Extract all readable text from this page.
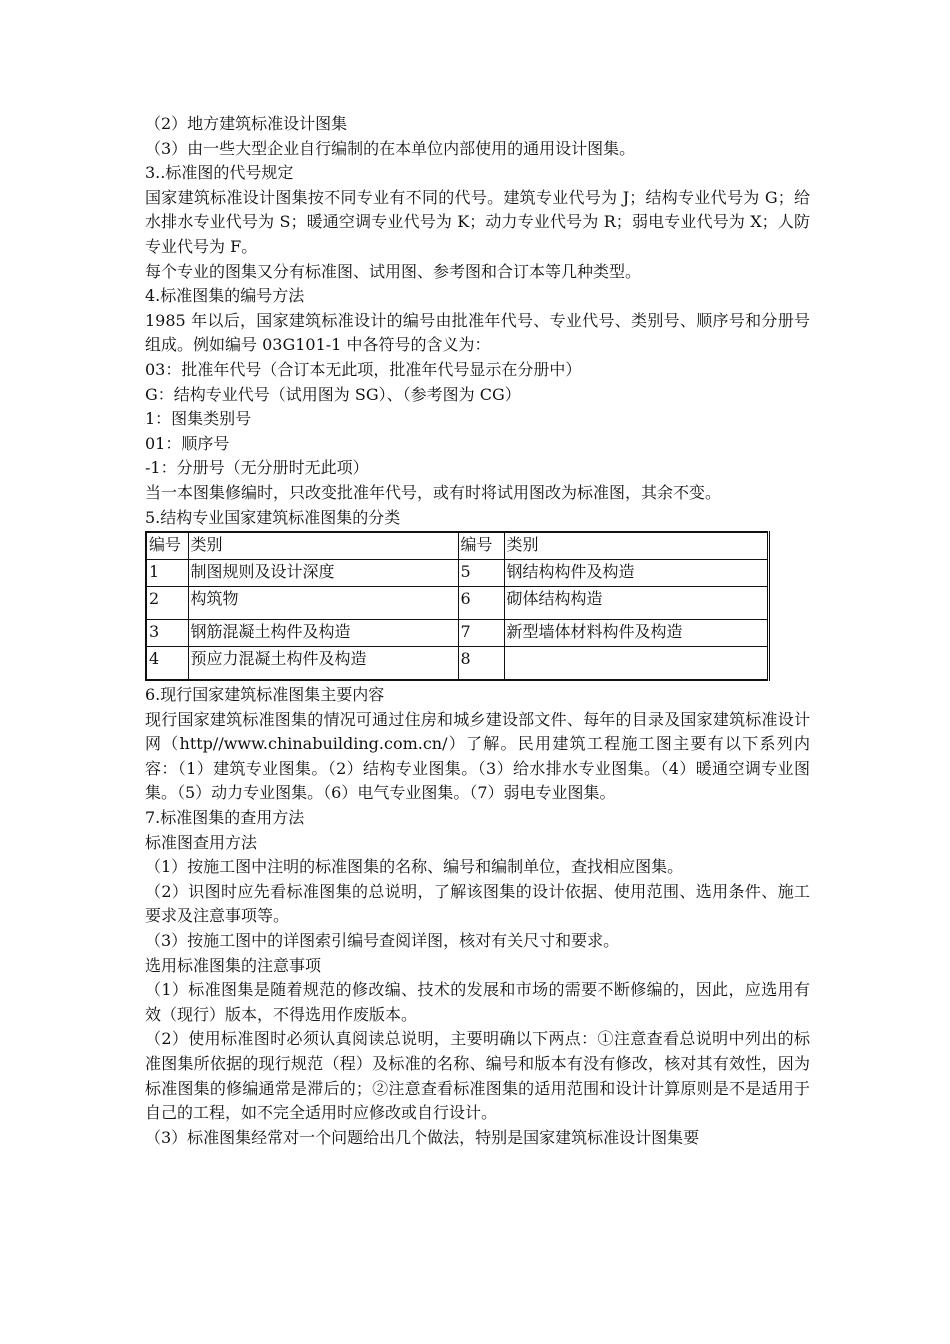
（2）地方建筑标准设计图集

（3）由一些大型企业自行编制的在本单位内部使用的通用设计图集。

3..标准图的代号规定

国家建筑标准设计图集按不同专业有不同的代号。建筑专业代号为 J；结构专业代号为 G；给水排水专业代号为 S；暖通空调专业代号为 K；动力专业代号为 R；弱电专业代号为 X；人防专业代号为 F。

每个专业的图集又分有标准图、试用图、参考图和合订本等几种类型。

4.标准图集的编号方法

1985 年以后，国家建筑标准设计的编号由批准年代号、专业代号、类别号、顺序号和分册号组成。例如编号 03G101-1 中各符号的含义为：

03：批准年代号（合订本无此项，批准年代号显示在分册中）

G：结构专业代号（试用图为 SG）、（参考图为 CG）

1：图集类别号

01：顺序号

-1：分册号（无分册时无此项）

当一本图集修编时，只改变批准年代号，或有时将试用图改为标准图，其余不变。

5.结构专业国家建筑标准图集的分类

编号	类别	编号	类别
1	制图规则及设计深度	5	钢结构构件及构造
2	构筑物	6	砌体结构构造
3	钢筋混凝土构件及构造	7	新型墙体材料构件及构造
4	预应力混凝土构件及构造	8	

6.现行国家建筑标准图集主要内容

现行国家建筑标准图集的情况可通过住房和城乡建设部文件、每年的目录及国家建筑标准设计网（http//www.chinabuilding.com.cn/）了解。民用建筑工程施工图主要有以下系列内容：（1）建筑专业图集。（2）结构专业图集。（3）给水排水专业图集。（4）暖通空调专业图集。（5）动力专业图集。（6）电气专业图集。（7）弱电专业图集。

7.标准图集的查用方法

标准图查用方法

（1）按施工图中注明的标准图集的名称、编号和编制单位，查找相应图集。

（2）识图时应先看标准图集的总说明，了解该图集的设计依据、使用范围、选用条件、施工要求及注意事项等。

（3）按施工图中的详图索引编号查阅详图，核对有关尺寸和要求。

选用标准图集的注意事项

（1）标准图集是随着规范的修改编、技术的发展和市场的需要不断修编的，因此，应选用有效（现行）版本，不得选用作废版本。

（2）使用标准图时必须认真阅读总说明，主要明确以下两点：①注意查看总说明中列出的标准图集所依据的现行规范（程）及标准的名称、编号和版本有没有修改，核对其有效性，因为标准图集的修编通常是滞后的；②注意查看标准图集的适用范围和设计计算原则是不是适用于自己的工程，如不完全适用时应修改或自行设计。

（3）标准图集经常对一个问题给出几个做法，特别是国家建筑标准设计图集要
